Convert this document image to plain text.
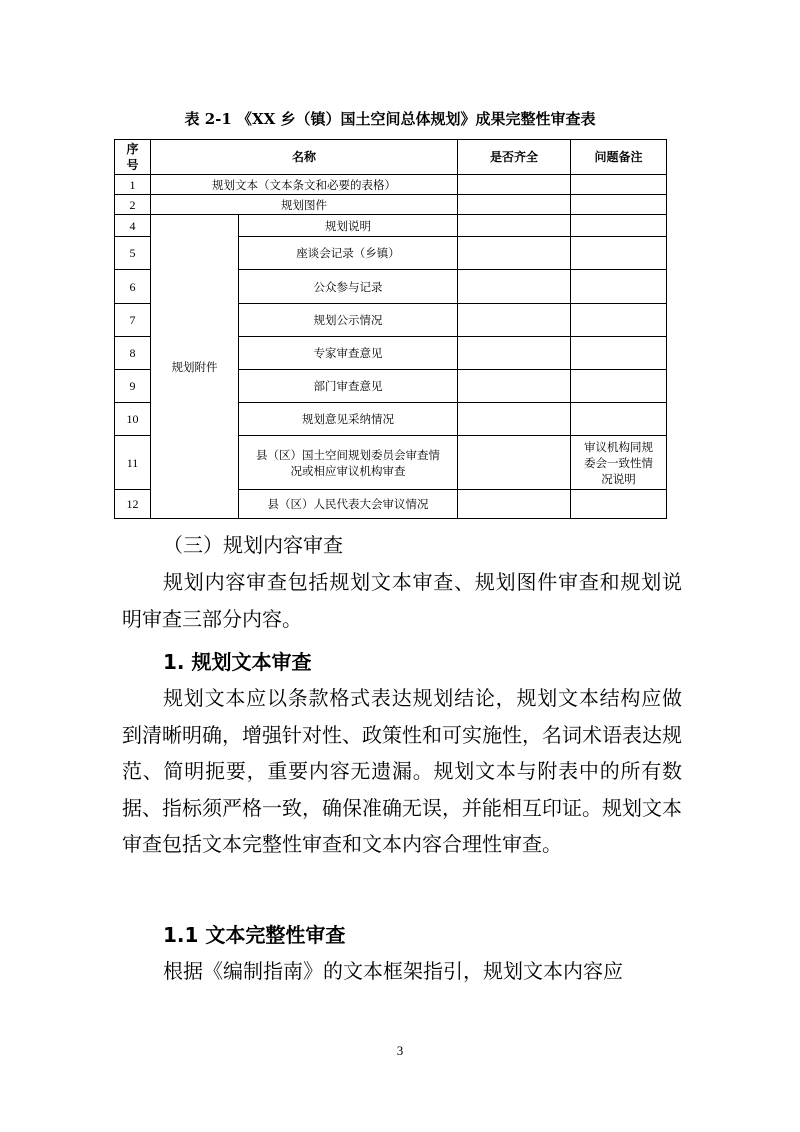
表 2-1 《XX 乡（镇）国土空间总体规划》成果完整性审查表
序
号	名称		是否齐全	问题备注
1	规划文本（文本条文和必要的表格）			
2	规划图件			
4	规划附件	规划说明		
5		座谈会记录（乡镇）		
6		公众参与记录		
7		规划公示情况		
8		专家审查意见		
9		部门审查意见		
10		规划意见采纳情况		
11		县（区）国土空间规划委员会审查情况或相应审议机构审查		审议机构同规委会一致性情况说明
12		县（区）人民代表大会审议情况		
（三）规划内容审查
规划内容审查包括规划文本审查、规划图件审查和规划说明审查三部分内容。
1. 规划文本审查
规划文本应以条款格式表达规划结论，规划文本结构应做到清晰明确，增强针对性、政策性和可实施性，名词术语表达规范、简明扼要，重要内容无遗漏。规划文本与附表中的所有数据、指标须严格一致，确保准确无误，并能相互印证。规划文本审查包括文本完整性审查和文本内容合理性审查。
1.1 文本完整性审查
根据《编制指南》的文本框架指引，规划文本内容应
3
